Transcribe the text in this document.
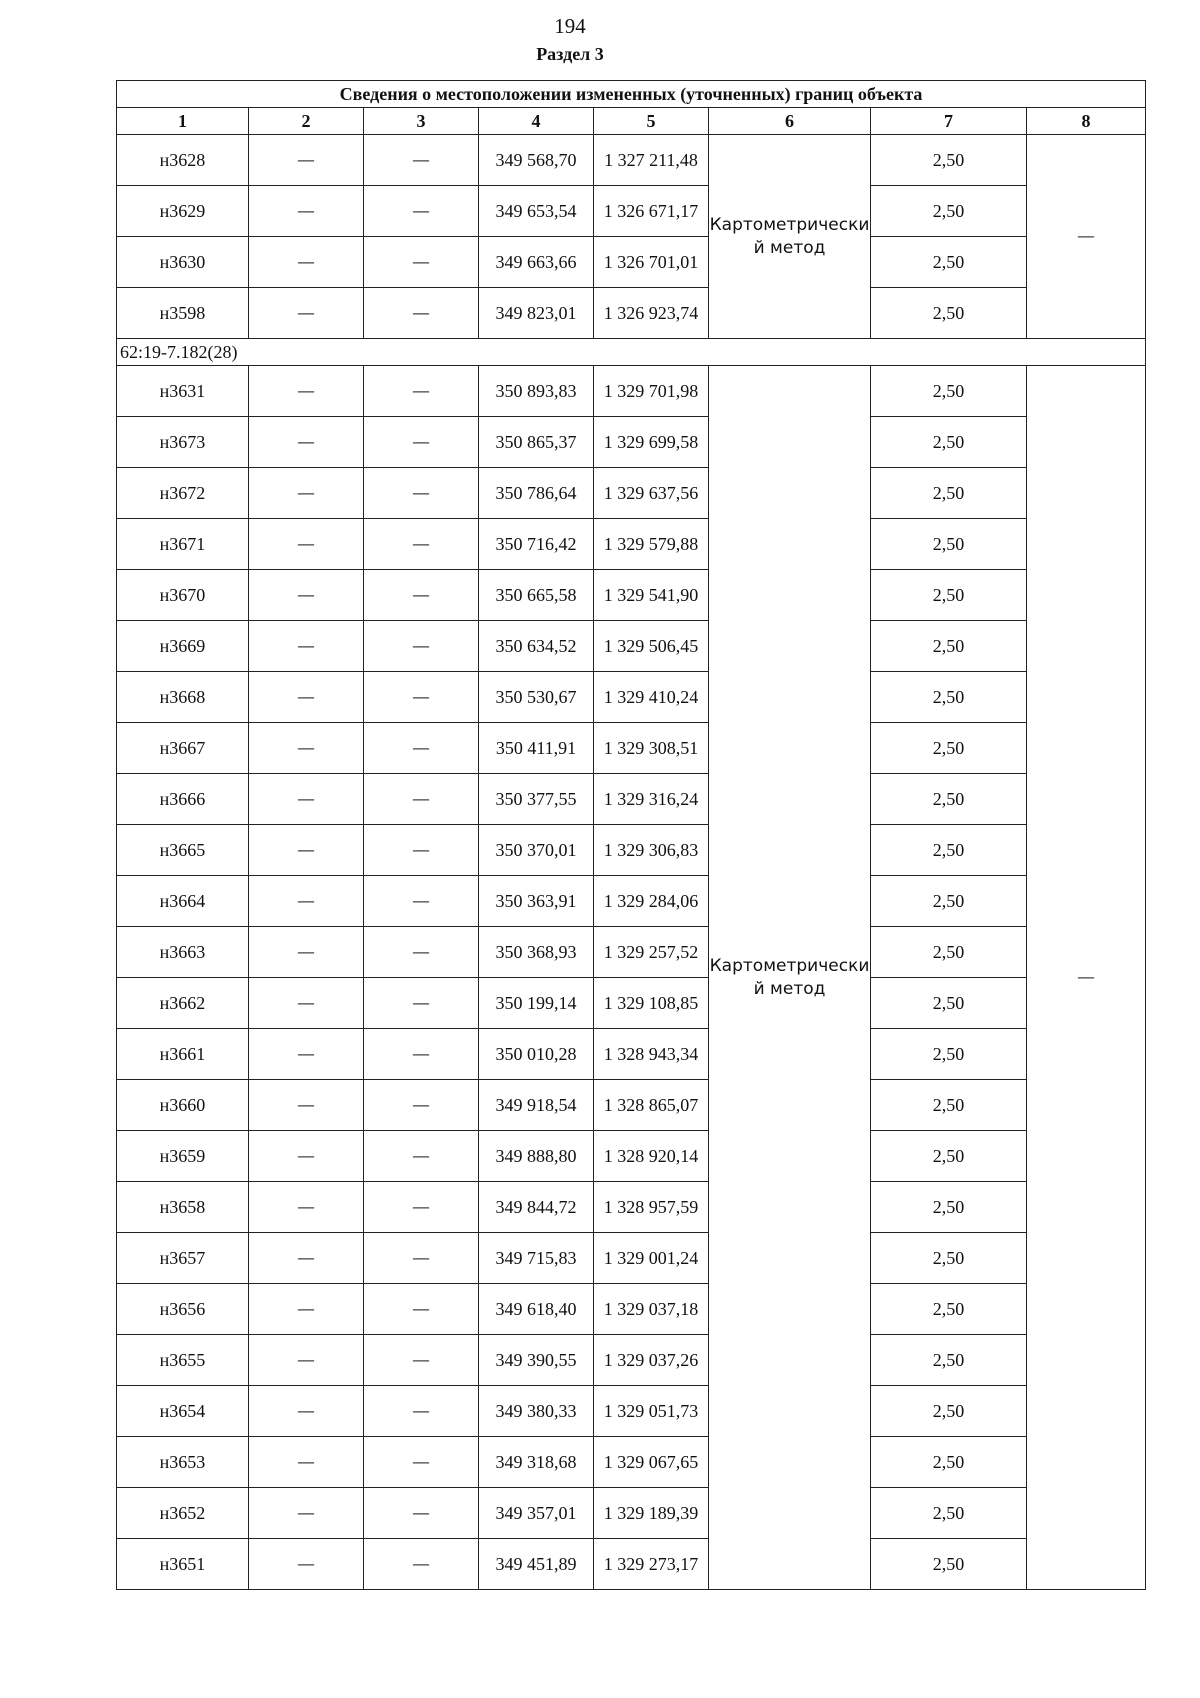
194
Раздел 3
Сведения о местоположении измененных (уточненных) границ объекта							
1	2	3	4	5	6	7	8
н3628	—	—	349 568,70	1 327 211,48	Картометрически й метод	2,50	—
н3629	—	—	349 653,54	1 326 671,17		2,50	
н3630	—	—	349 663,66	1 326 701,01		2,50	
н3598	—	—	349 823,01	1 326 923,74		2,50	
62:19-7.182(28)							
н3631	—	—	350 893,83	1 329 701,98	Картометрически й метод	2,50	—
н3673	—	—	350 865,37	1 329 699,58		2,50	
н3672	—	—	350 786,64	1 329 637,56		2,50	
н3671	—	—	350 716,42	1 329 579,88		2,50	
н3670	—	—	350 665,58	1 329 541,90		2,50	
н3669	—	—	350 634,52	1 329 506,45		2,50	
н3668	—	—	350 530,67	1 329 410,24		2,50	
н3667	—	—	350 411,91	1 329 308,51		2,50	
н3666	—	—	350 377,55	1 329 316,24		2,50	
н3665	—	—	350 370,01	1 329 306,83		2,50	
н3664	—	—	350 363,91	1 329 284,06		2,50	
н3663	—	—	350 368,93	1 329 257,52		2,50	
н3662	—	—	350 199,14	1 329 108,85		2,50	
н3661	—	—	350 010,28	1 328 943,34		2,50	
н3660	—	—	349 918,54	1 328 865,07		2,50	
н3659	—	—	349 888,80	1 328 920,14		2,50	
н3658	—	—	349 844,72	1 328 957,59		2,50	
н3657	—	—	349 715,83	1 329 001,24		2,50	
н3656	—	—	349 618,40	1 329 037,18		2,50	
н3655	—	—	349 390,55	1 329 037,26		2,50	
н3654	—	—	349 380,33	1 329 051,73		2,50	
н3653	—	—	349 318,68	1 329 067,65		2,50	
н3652	—	—	349 357,01	1 329 189,39		2,50	
н3651	—	—	349 451,89	1 329 273,17		2,50	
